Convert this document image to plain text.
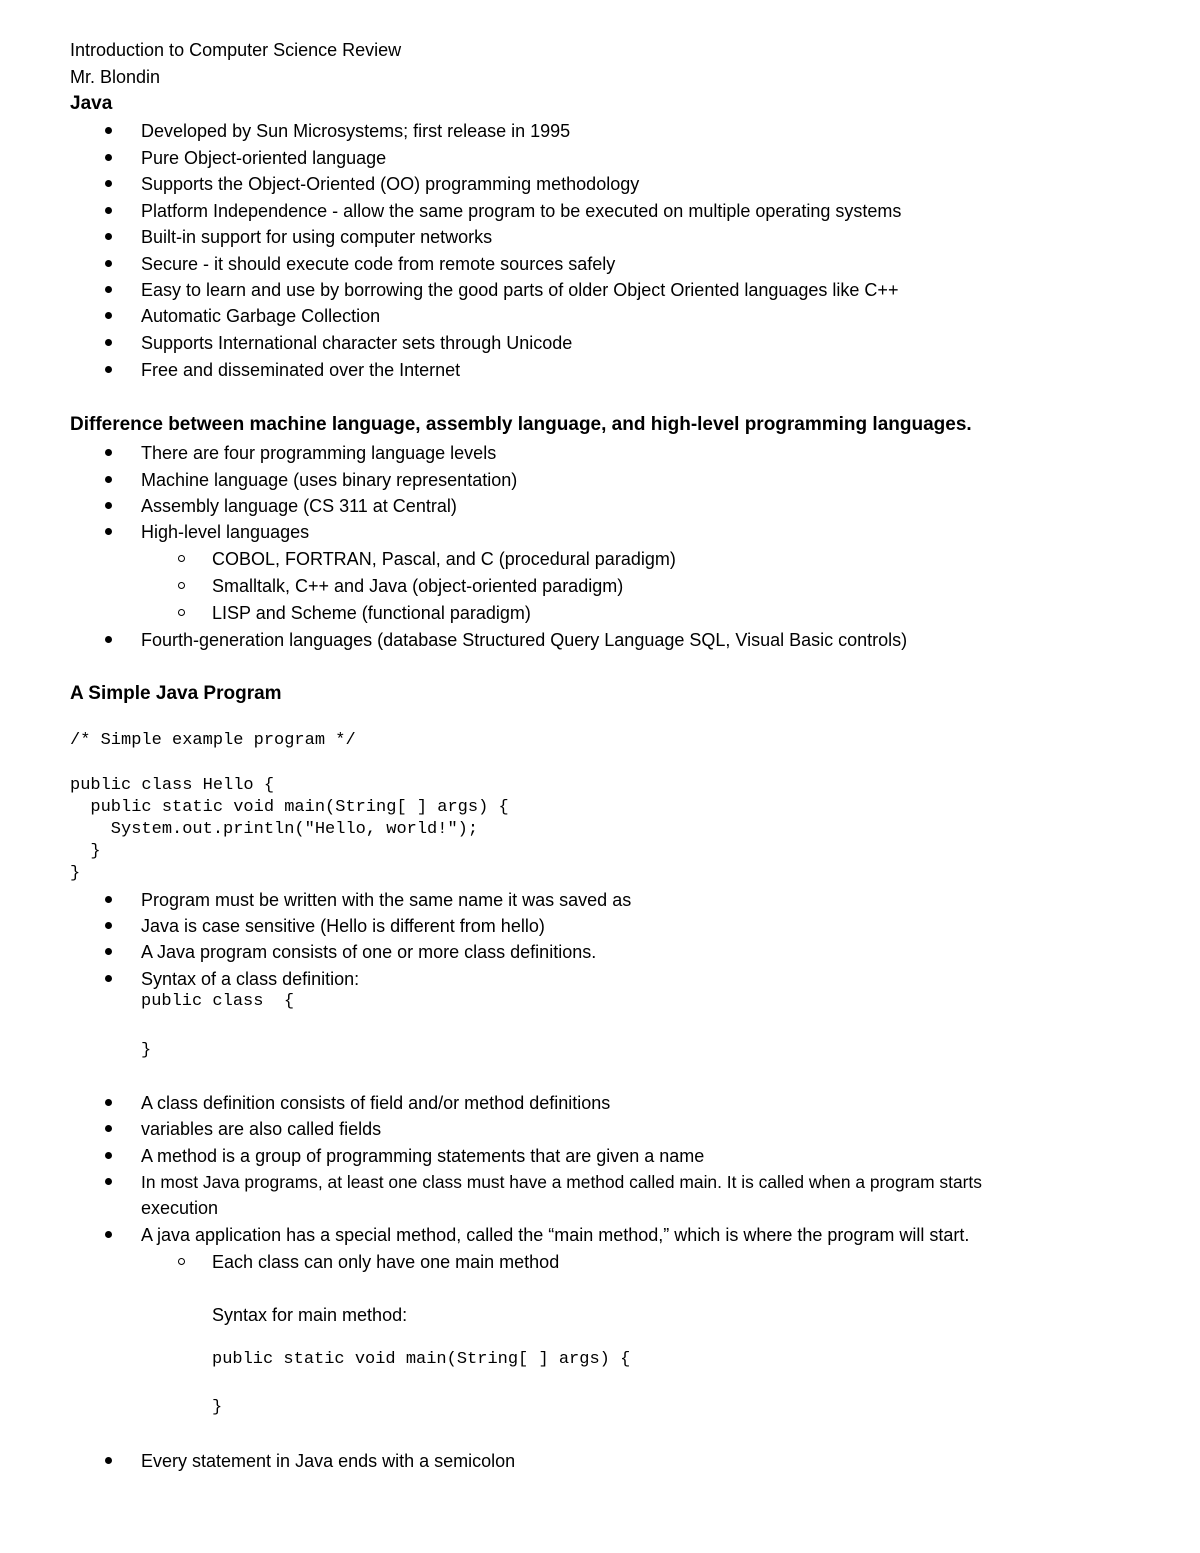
Introduction to Computer Science Review
Mr. Blondin
Java
Developed by Sun Microsystems; first release in 1995
Pure Object-oriented language
Supports the Object-Oriented (OO) programming methodology
Platform Independence - allow the same program to be executed on multiple operating systems
Built-in support for using computer networks
Secure - it should execute code from remote sources safely
Easy to learn and use by borrowing the good parts of older Object Oriented languages like C++
Automatic Garbage Collection
Supports International character sets through Unicode
Free and disseminated over the Internet
Difference between machine language, assembly language, and high-level programming languages.
There are four programming language levels
Machine language (uses binary representation)
Assembly language (CS 311 at Central)
High-level languages
COBOL, FORTRAN, Pascal, and C (procedural paradigm)
Smalltalk, C++ and Java (object-oriented paradigm)
LISP and Scheme (functional paradigm)
Fourth-generation languages (database Structured Query Language SQL, Visual Basic controls)
A Simple Java Program
/* Simple example program */
public class Hello {
public static void main(String[ ] args) {
System.out.println("Hello, world!");
}
}
Program must be written with the same name it was saved as
Java is case sensitive (Hello is different from hello)
A Java program consists of one or more class definitions.
Syntax of a class definition:
public class  {
}
A class definition consists of field and/or method definitions
variables are also called fields
A method is a group of programming statements that are given a name
In most Java programs, at least one class must have a method called main. It is called when a program starts
execution
A java application has a special method, called the “main method,” which is where the program will start.
Each class can only have one main method
Syntax for main method:
public static void main(String[ ] args) {
}
Every statement in Java ends with a semicolon
